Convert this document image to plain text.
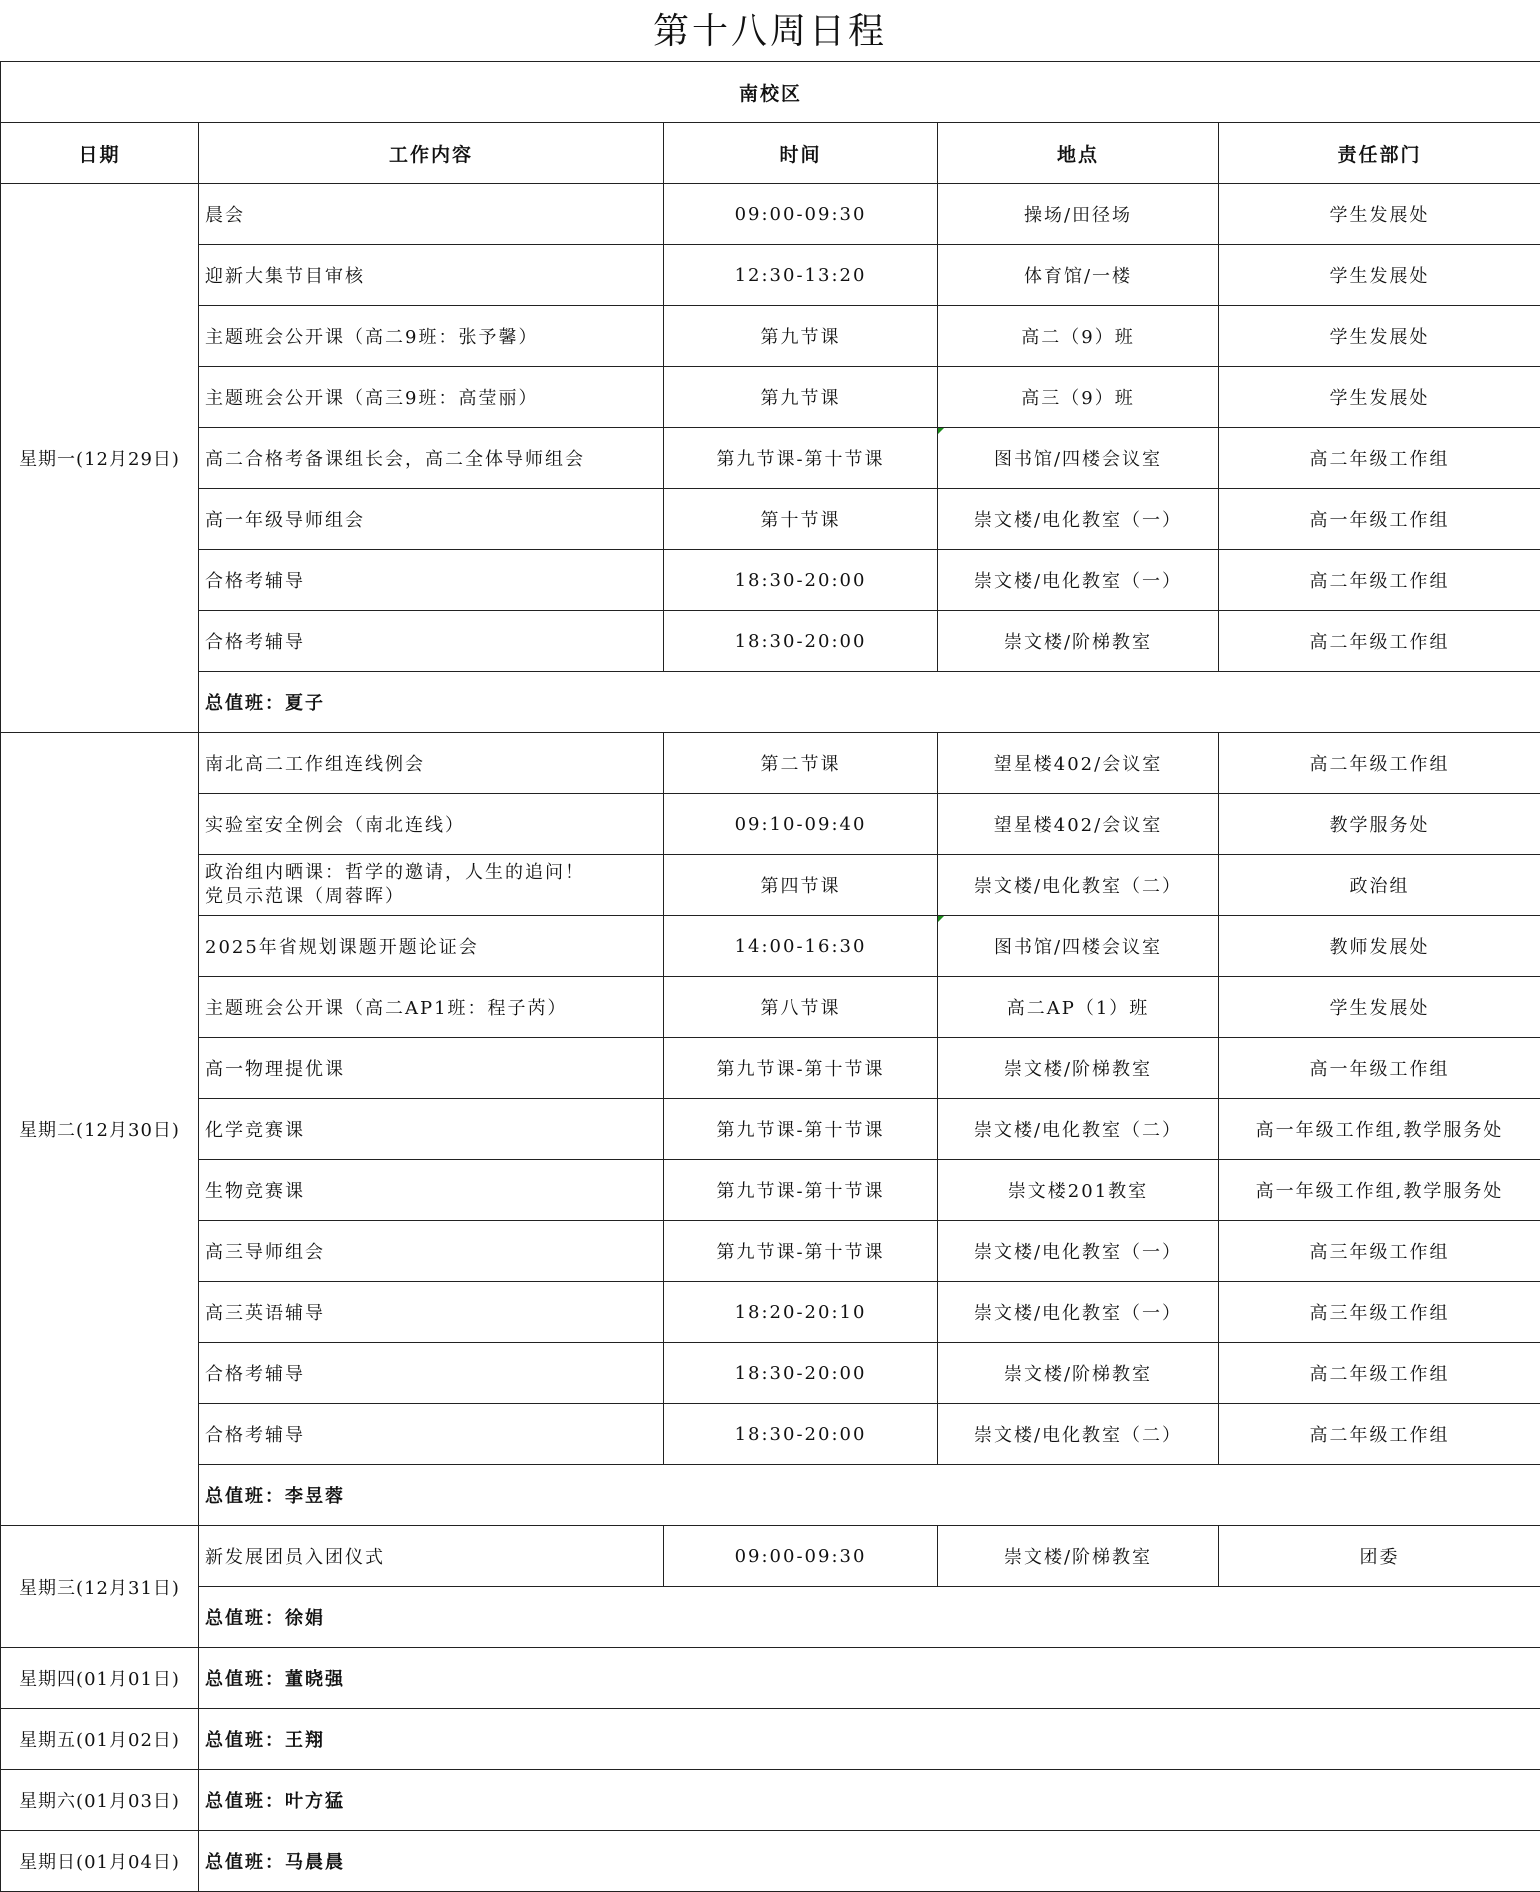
第十八周日程
南校区				
日期	工作内容	时间	地点	责任部门
星期一(12月29日)	晨会	09:00-09:30	操场/田径场	学生发展处
	迎新大集节目审核	12:30-13:20	体育馆/一楼	学生发展处
	主题班会公开课（高二9班：张予馨）	第九节课	高二（9）班	学生发展处
	主题班会公开课（高三9班：高莹丽）	第九节课	高三（9）班	学生发展处
	高二合格考备课组长会，高二全体导师组会	第九节课-第十节课	图书馆/四楼会议室	高二年级工作组
	高一年级导师组会	第十节课	崇文楼/电化教室（一）	高一年级工作组
	合格考辅导	18:30-20:00	崇文楼/电化教室（一）	高二年级工作组
	合格考辅导	18:30-20:00	崇文楼/阶梯教室	高二年级工作组
	总值班：夏子			
星期二(12月30日)	南北高二工作组连线例会	第二节课	望星楼402/会议室	高二年级工作组
	实验室安全例会（南北连线）	09:10-09:40	望星楼402/会议室	教学服务处
	政治组内晒课：哲学的邀请，人生的追问！
党员示范课（周蓉晖）	第四节课	崇文楼/电化教室（二）	政治组
	2025年省规划课题开题论证会	14:00-16:30	图书馆/四楼会议室	教师发展处
	主题班会公开课（高二AP1班：程子芮）	第八节课	高二AP（1）班	学生发展处
	高一物理提优课	第九节课-第十节课	崇文楼/阶梯教室	高一年级工作组
	化学竞赛课	第九节课-第十节课	崇文楼/电化教室（二）	高一年级工作组,教学服务处
	生物竞赛课	第九节课-第十节课	崇文楼201教室	高一年级工作组,教学服务处
	高三导师组会	第九节课-第十节课	崇文楼/电化教室（一）	高三年级工作组
	高三英语辅导	18:20-20:10	崇文楼/电化教室（一）	高三年级工作组
	合格考辅导	18:30-20:00	崇文楼/阶梯教室	高二年级工作组
	合格考辅导	18:30-20:00	崇文楼/电化教室（二）	高二年级工作组
	总值班：李昱蓉			
星期三(12月31日)	新发展团员入团仪式	09:00-09:30	崇文楼/阶梯教室	团委
	总值班：徐娟			
星期四(01月01日)	总值班：董晓强			
星期五(01月02日)	总值班：王翔			
星期六(01月03日)	总值班：叶方猛			
星期日(01月04日)	总值班：马晨晨			
